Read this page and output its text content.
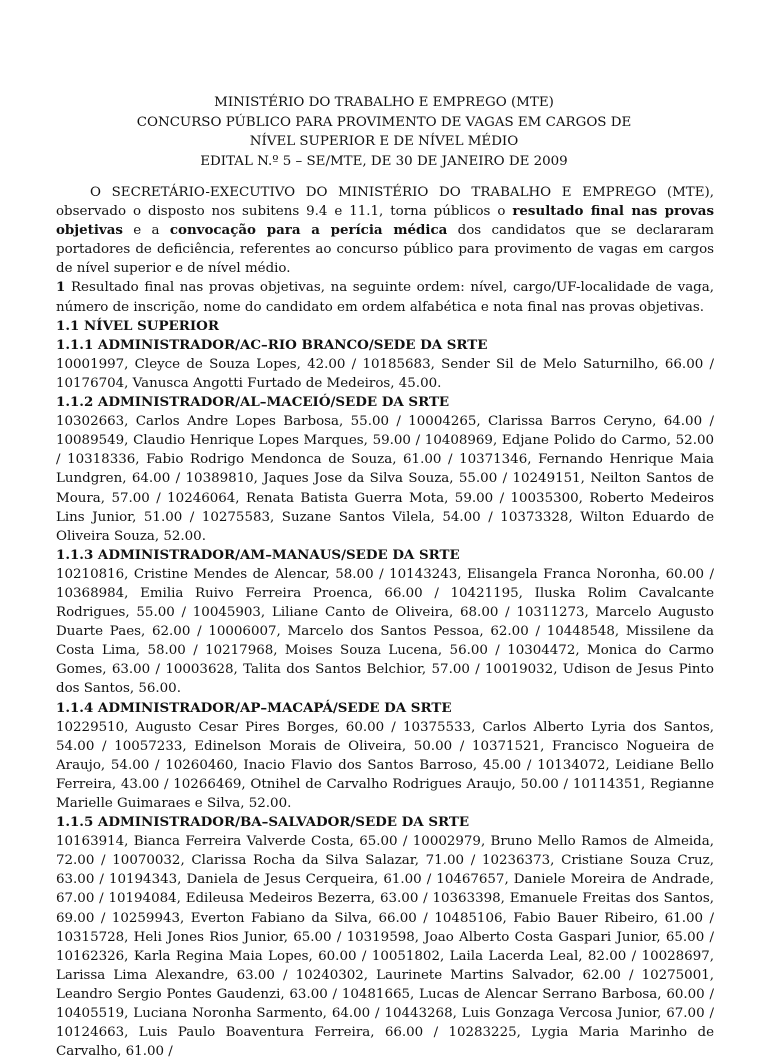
MINISTÉRIO DO TRABALHO E EMPREGO (MTE)
CONCURSO PÚBLICO PARA PROVIMENTO DE VAGAS EM CARGOS DE
NÍVEL SUPERIOR E DE NÍVEL MÉDIO
EDITAL N.º 5 – SE/MTE, DE 30 DE JANEIRO DE 2009

O SECRETÁRIO-EXECUTIVO DO MINISTÉRIO DO TRABALHO E EMPREGO (MTE), observado o disposto nos subitens 9.4 e 11.1, torna públicos o resultado final nas provas objetivas e a convocação para a perícia médica dos candidatos que se declararam portadores de deficiência, referentes ao concurso público para provimento de vagas em cargos de nível superior e de nível médio.

1 Resultado final nas provas objetivas, na seguinte ordem: nível, cargo/UF-localidade de vaga, número de inscrição, nome do candidato em ordem alfabética e nota final nas provas objetivas.

1.1 NÍVEL SUPERIOR

1.1.1 ADMINISTRADOR/AC–RIO BRANCO/SEDE DA SRTE

10001997, Cleyce de Souza Lopes, 42.00 / 10185683, Sender Sil de Melo Saturnilho, 66.00 / 10176704, Vanusca Angotti Furtado de Medeiros, 45.00.

1.1.2 ADMINISTRADOR/AL–MACEIÓ/SEDE DA SRTE

10302663, Carlos Andre Lopes Barbosa, 55.00 / 10004265, Clarissa Barros Ceryno, 64.00 / 10089549, Claudio Henrique Lopes Marques, 59.00 / 10408969, Edjane Polido do Carmo, 52.00 / 10318336, Fabio Rodrigo Mendonca de Souza, 61.00 / 10371346, Fernando Henrique Maia Lundgren, 64.00 / 10389810, Jaques Jose da Silva Souza, 55.00 / 10249151, Neilton Santos de Moura, 57.00 / 10246064, Renata Batista Guerra Mota, 59.00 / 10035300, Roberto Medeiros Lins Junior, 51.00 / 10275583, Suzane Santos Vilela, 54.00 / 10373328, Wilton Eduardo de Oliveira Souza, 52.00.

1.1.3 ADMINISTRADOR/AM–MANAUS/SEDE DA SRTE

10210816, Cristine Mendes de Alencar, 58.00 / 10143243, Elisangela Franca Noronha, 60.00 / 10368984, Emilia Ruivo Ferreira Proenca, 66.00 / 10421195, Iluska Rolim Cavalcante Rodrigues, 55.00 / 10045903, Liliane Canto de Oliveira, 68.00 / 10311273, Marcelo Augusto Duarte Paes, 62.00 / 10006007, Marcelo dos Santos Pessoa, 62.00 / 10448548, Missilene da Costa Lima, 58.00 / 10217968, Moises Souza Lucena, 56.00 / 10304472, Monica do Carmo Gomes, 63.00 / 10003628, Talita dos Santos Belchior, 57.00 / 10019032, Udison de Jesus Pinto dos Santos, 56.00.

1.1.4 ADMINISTRADOR/AP–MACAPÁ/SEDE DA SRTE

10229510, Augusto Cesar Pires Borges, 60.00 / 10375533, Carlos Alberto Lyria dos Santos, 54.00 / 10057233, Edinelson Morais de Oliveira, 50.00 / 10371521, Francisco Nogueira de Araujo, 54.00 / 10260460, Inacio Flavio dos Santos Barroso, 45.00 / 10134072, Leidiane Bello Ferreira, 43.00 / 10266469, Otnihel de Carvalho Rodrigues Araujo, 50.00 / 10114351, Regianne Marielle Guimaraes e Silva, 52.00.

1.1.5 ADMINISTRADOR/BA–SALVADOR/SEDE DA SRTE

10163914, Bianca Ferreira Valverde Costa, 65.00 / 10002979, Bruno Mello Ramos de Almeida, 72.00 / 10070032, Clarissa Rocha da Silva Salazar, 71.00 / 10236373, Cristiane Souza Cruz, 63.00 / 10194343, Daniela de Jesus Cerqueira, 61.00 / 10467657, Daniele Moreira de Andrade, 67.00 / 10194084, Edileusa Medeiros Bezerra, 63.00 / 10363398, Emanuele Freitas dos Santos, 69.00 / 10259943, Everton Fabiano da Silva, 66.00 / 10485106, Fabio Bauer Ribeiro, 61.00 / 10315728, Heli Jones Rios Junior, 65.00 / 10319598, Joao Alberto Costa Gaspari Junior, 65.00 / 10162326, Karla Regina Maia Lopes, 60.00 / 10051802, Laila Lacerda Leal, 82.00 / 10028697, Larissa Lima Alexandre, 63.00 / 10240302, Laurinete Martins Salvador, 62.00 / 10275001, Leandro Sergio Pontes Gaudenzi, 63.00 / 10481665, Lucas de Alencar Serrano Barbosa, 60.00 / 10405519, Luciana Noronha Sarmento, 64.00 / 10443268, Luis Gonzaga Vercosa Junior, 67.00 / 10124663, Luis Paulo Boaventura Ferreira, 66.00 / 10283225, Lygia Maria Marinho de Carvalho, 61.00 /
